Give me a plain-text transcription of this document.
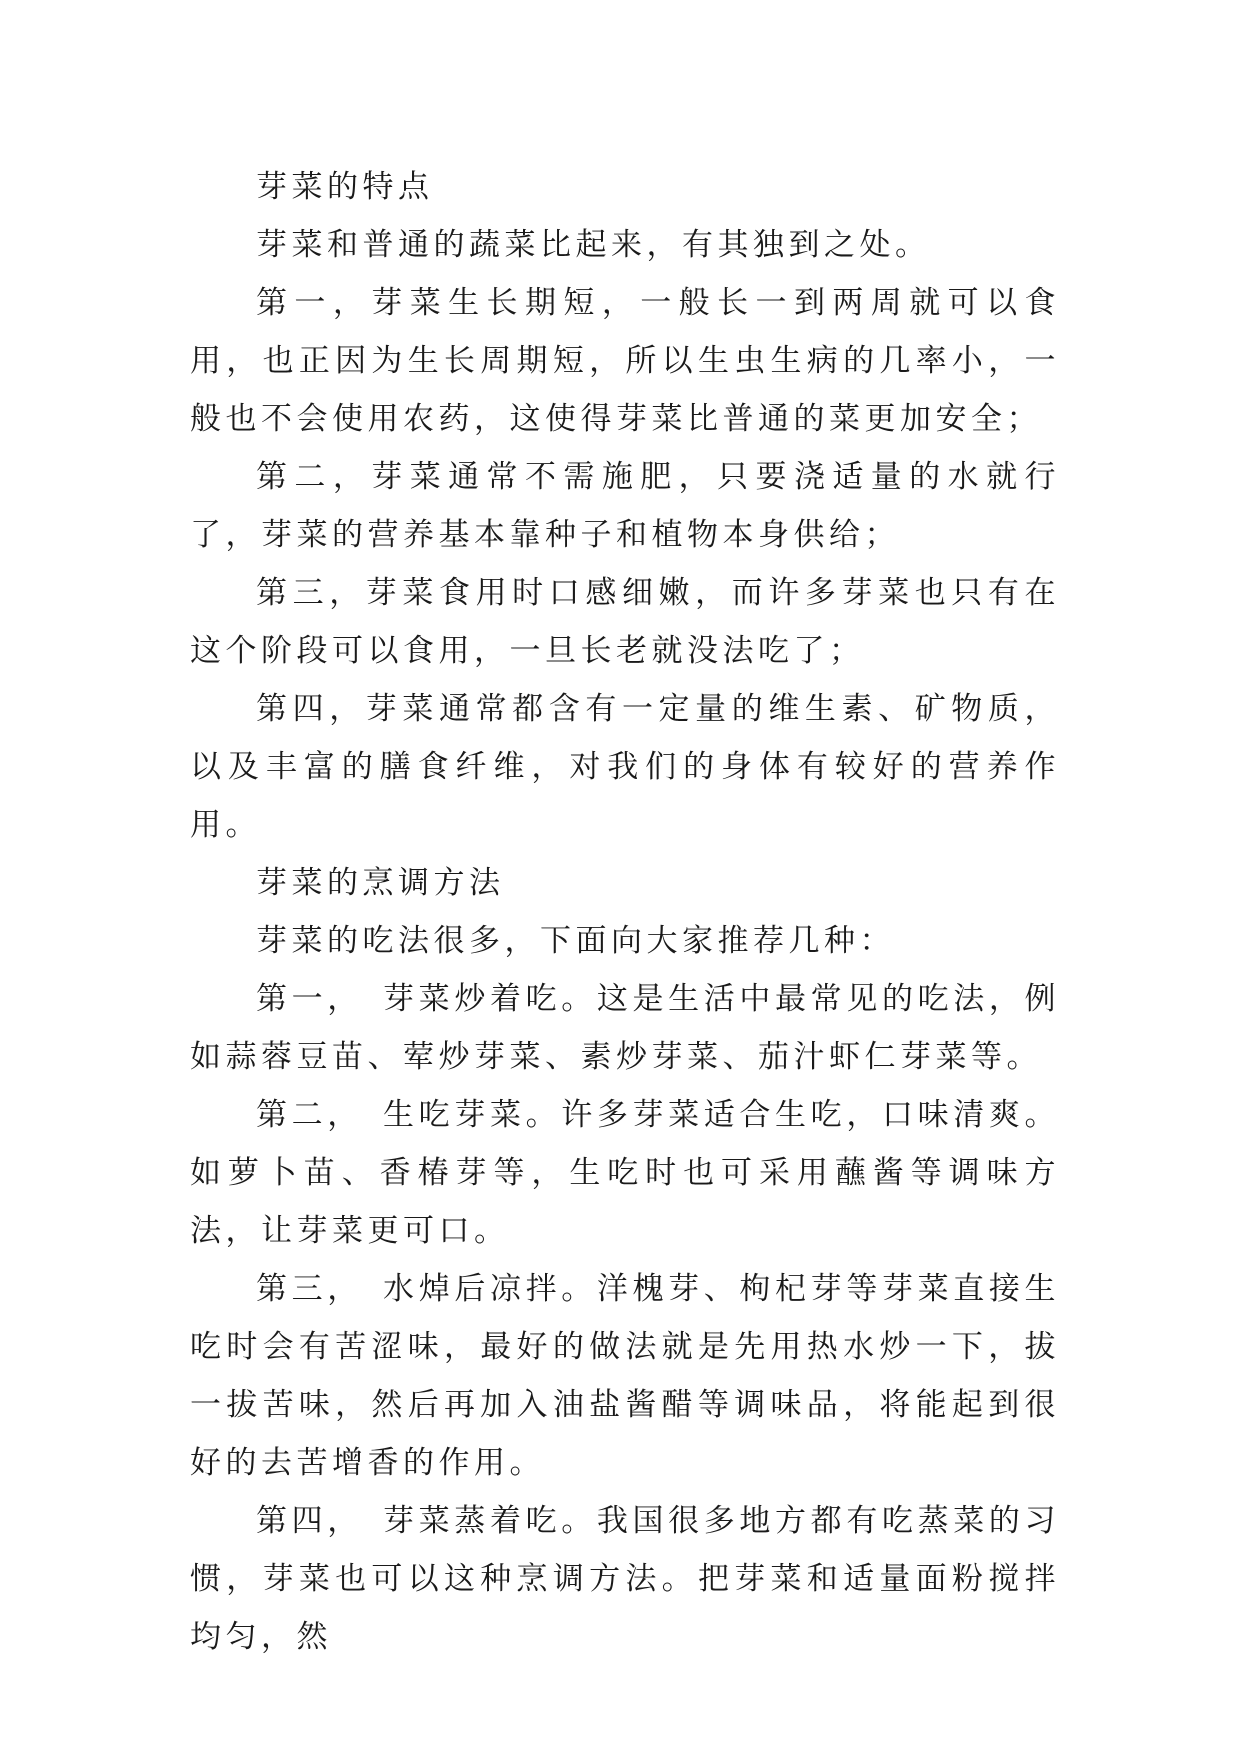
芽菜的特点

芽菜和普通的蔬菜比起来，有其独到之处。

第一，芽菜生长期短，一般长一到两周就可以食用，也正因为生长周期短，所以生虫生病的几率小，一般也不会使用农药，这使得芽菜比普通的菜更加安全；

第二，芽菜通常不需施肥，只要浇适量的水就行了，芽菜的营养基本靠种子和植物本身供给；

第三，芽菜食用时口感细嫩，而许多芽菜也只有在这个阶段可以食用，一旦长老就没法吃了；

第四，芽菜通常都含有一定量的维生素、矿物质，以及丰富的膳食纤维，对我们的身体有较好的营养作用。

芽菜的烹调方法

芽菜的吃法很多，下面向大家推荐几种：

第一，　芽菜炒着吃。这是生活中最常见的吃法，例如蒜蓉豆苗、荤炒芽菜、素炒芽菜、茄汁虾仁芽菜等。

第二，　生吃芽菜。许多芽菜适合生吃，口味清爽。如萝卜苗、香椿芽等，生吃时也可采用蘸酱等调味方法，让芽菜更可口。

第三，　水焯后凉拌。洋槐芽、枸杞芽等芽菜直接生吃时会有苦涩味，最好的做法就是先用热水炒一下，拔一拔苦味，然后再加入油盐酱醋等调味品，将能起到很好的去苦增香的作用。

第四，　芽菜蒸着吃。我国很多地方都有吃蒸菜的习惯，芽菜也可以这种烹调方法。把芽菜和适量面粉搅拌均匀，然
